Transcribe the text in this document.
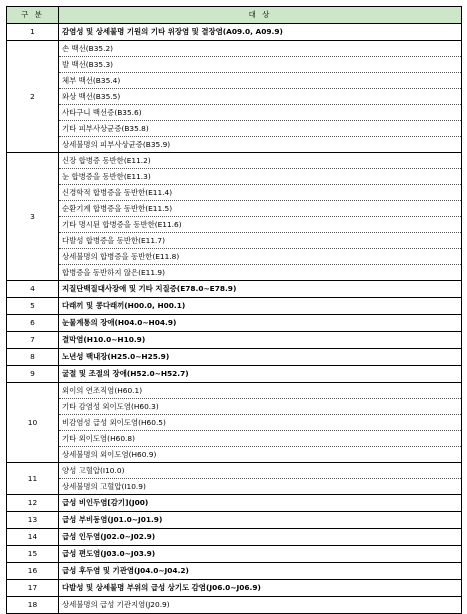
구 분	대 상
1	감염성 및 상세불명 기원의 기타 위장염 및 결장염(A09.0, A09.9)
2	손 백선(B35.2)
	발 백선(B35.3)
	체부 백선(B35.4)
	와상 백선(B35.5)
	사타구니 백선증(B35.6)
	기타 피부사상균증(B35.8)
	상세불명의 피부사상균증(B35.9)
3	신장 합병증 동반한(E11.2)
	눈 합병증을 동반한(E11.3)
	신경학적 합병증을 동반한(E11.4)
	순환기계 합병증을 동반한(E11.5)
	기타 명시된 합병증을 동반한(E11.6)
	다발성 합병증을 동반한(E11.7)
	상세불명의 합병증을 동반한(E11.8)
	합병증을 동반하지 않은(E11.9)
4	지질단백질대사장애 및 기타 지질증(E78.0~E78.9)
5	다래끼 및 콩다래끼(H00.0, H00.1)
6	눈물계통의 장애(H04.0~H04.9)
7	결막염(H10.0~H10.9)
8	노년성 백내장(H25.0~H25.9)
9	굴절 및 조절의 장애(H52.0~H52.7)
10	외이의 연조직염(H60.1)
	기타 감염성 외이도염(H60.3)
	비감염성 급성 외이도염(H60.5)
	기타 외이도염(H60.8)
	상세불명의 외이도염(H60.9)
11	양성 고혈압(I10.0)
	상세불명의 고혈압(I10.9)
12	급성 비인두염[감기](J00)
13	급성 부비동염(J01.0~J01.9)
14	급성 인두염(J02.0~J02.9)
15	급성 편도염(J03.0~J03.9)
16	급성 후두염 및 기관염(J04.0~J04.2)
17	다발성 및 상세불명 부위의 급성 상기도 감염(J06.0~J06.9)
18	상세불명의 급성 기관지염(J20.9)
